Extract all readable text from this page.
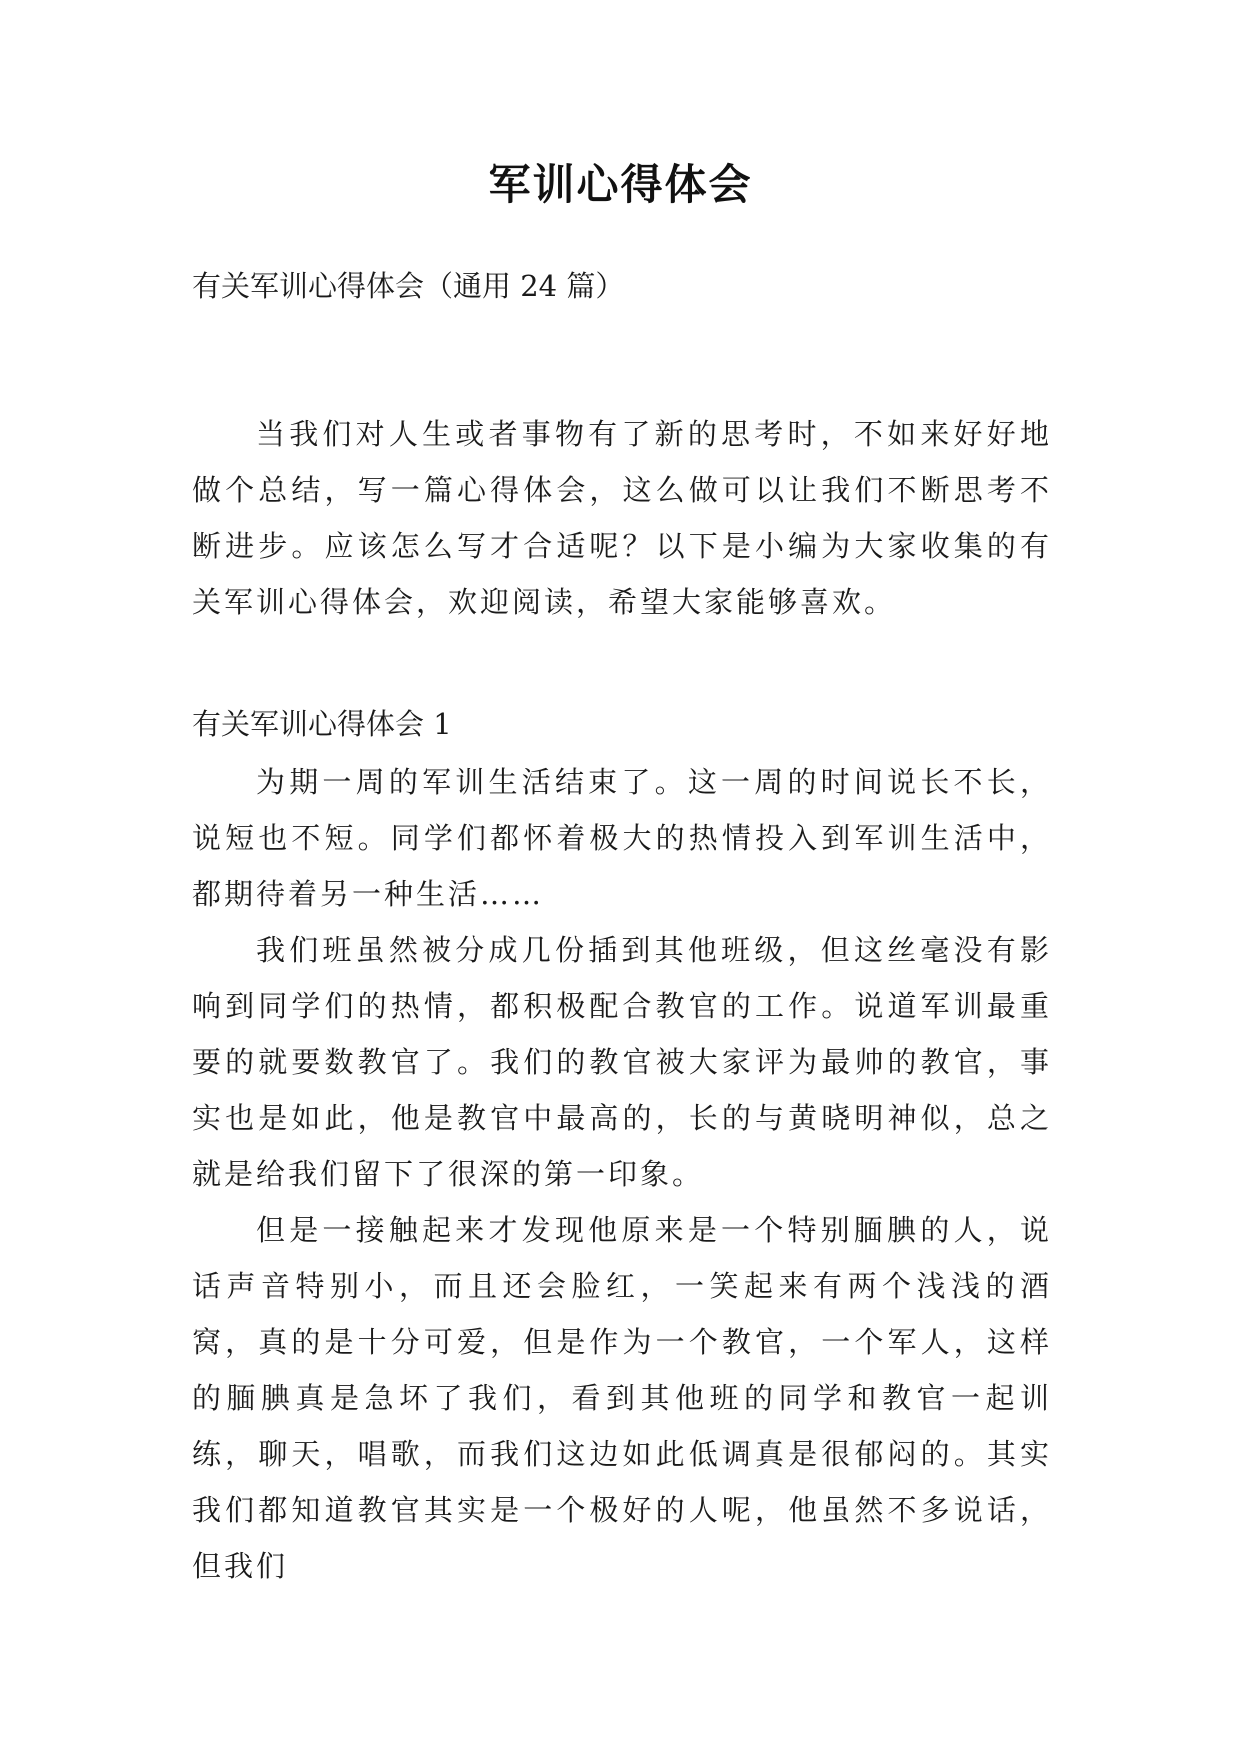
军训心得体会
有关军训心得体会（通用 24 篇）

当我们对人生或者事物有了新的思考时，不如来好好地做个总结，写一篇心得体会，这么做可以让我们不断思考不断进步。应该怎么写才合适呢？以下是小编为大家收集的有关军训心得体会，欢迎阅读，希望大家能够喜欢。

有关军训心得体会 1

为期一周的军训生活结束了。这一周的时间说长不长，说短也不短。同学们都怀着极大的热情投入到军训生活中，都期待着另一种生活……

我们班虽然被分成几份插到其他班级，但这丝毫没有影响到同学们的热情，都积极配合教官的工作。说道军训最重要的就要数教官了。我们的教官被大家评为最帅的教官，事实也是如此，他是教官中最高的，长的与黄晓明神似，总之就是给我们留下了很深的第一印象。

但是一接触起来才发现他原来是一个特别腼腆的人，说话声音特别小，而且还会脸红，一笑起来有两个浅浅的酒窝，真的是十分可爱，但是作为一个教官，一个军人，这样的腼腆真是急坏了我们，看到其他班的同学和教官一起训练，聊天，唱歌，而我们这边如此低调真是很郁闷的。其实我们都知道教官其实是一个极好的人呢，他虽然不多说话，但我们
